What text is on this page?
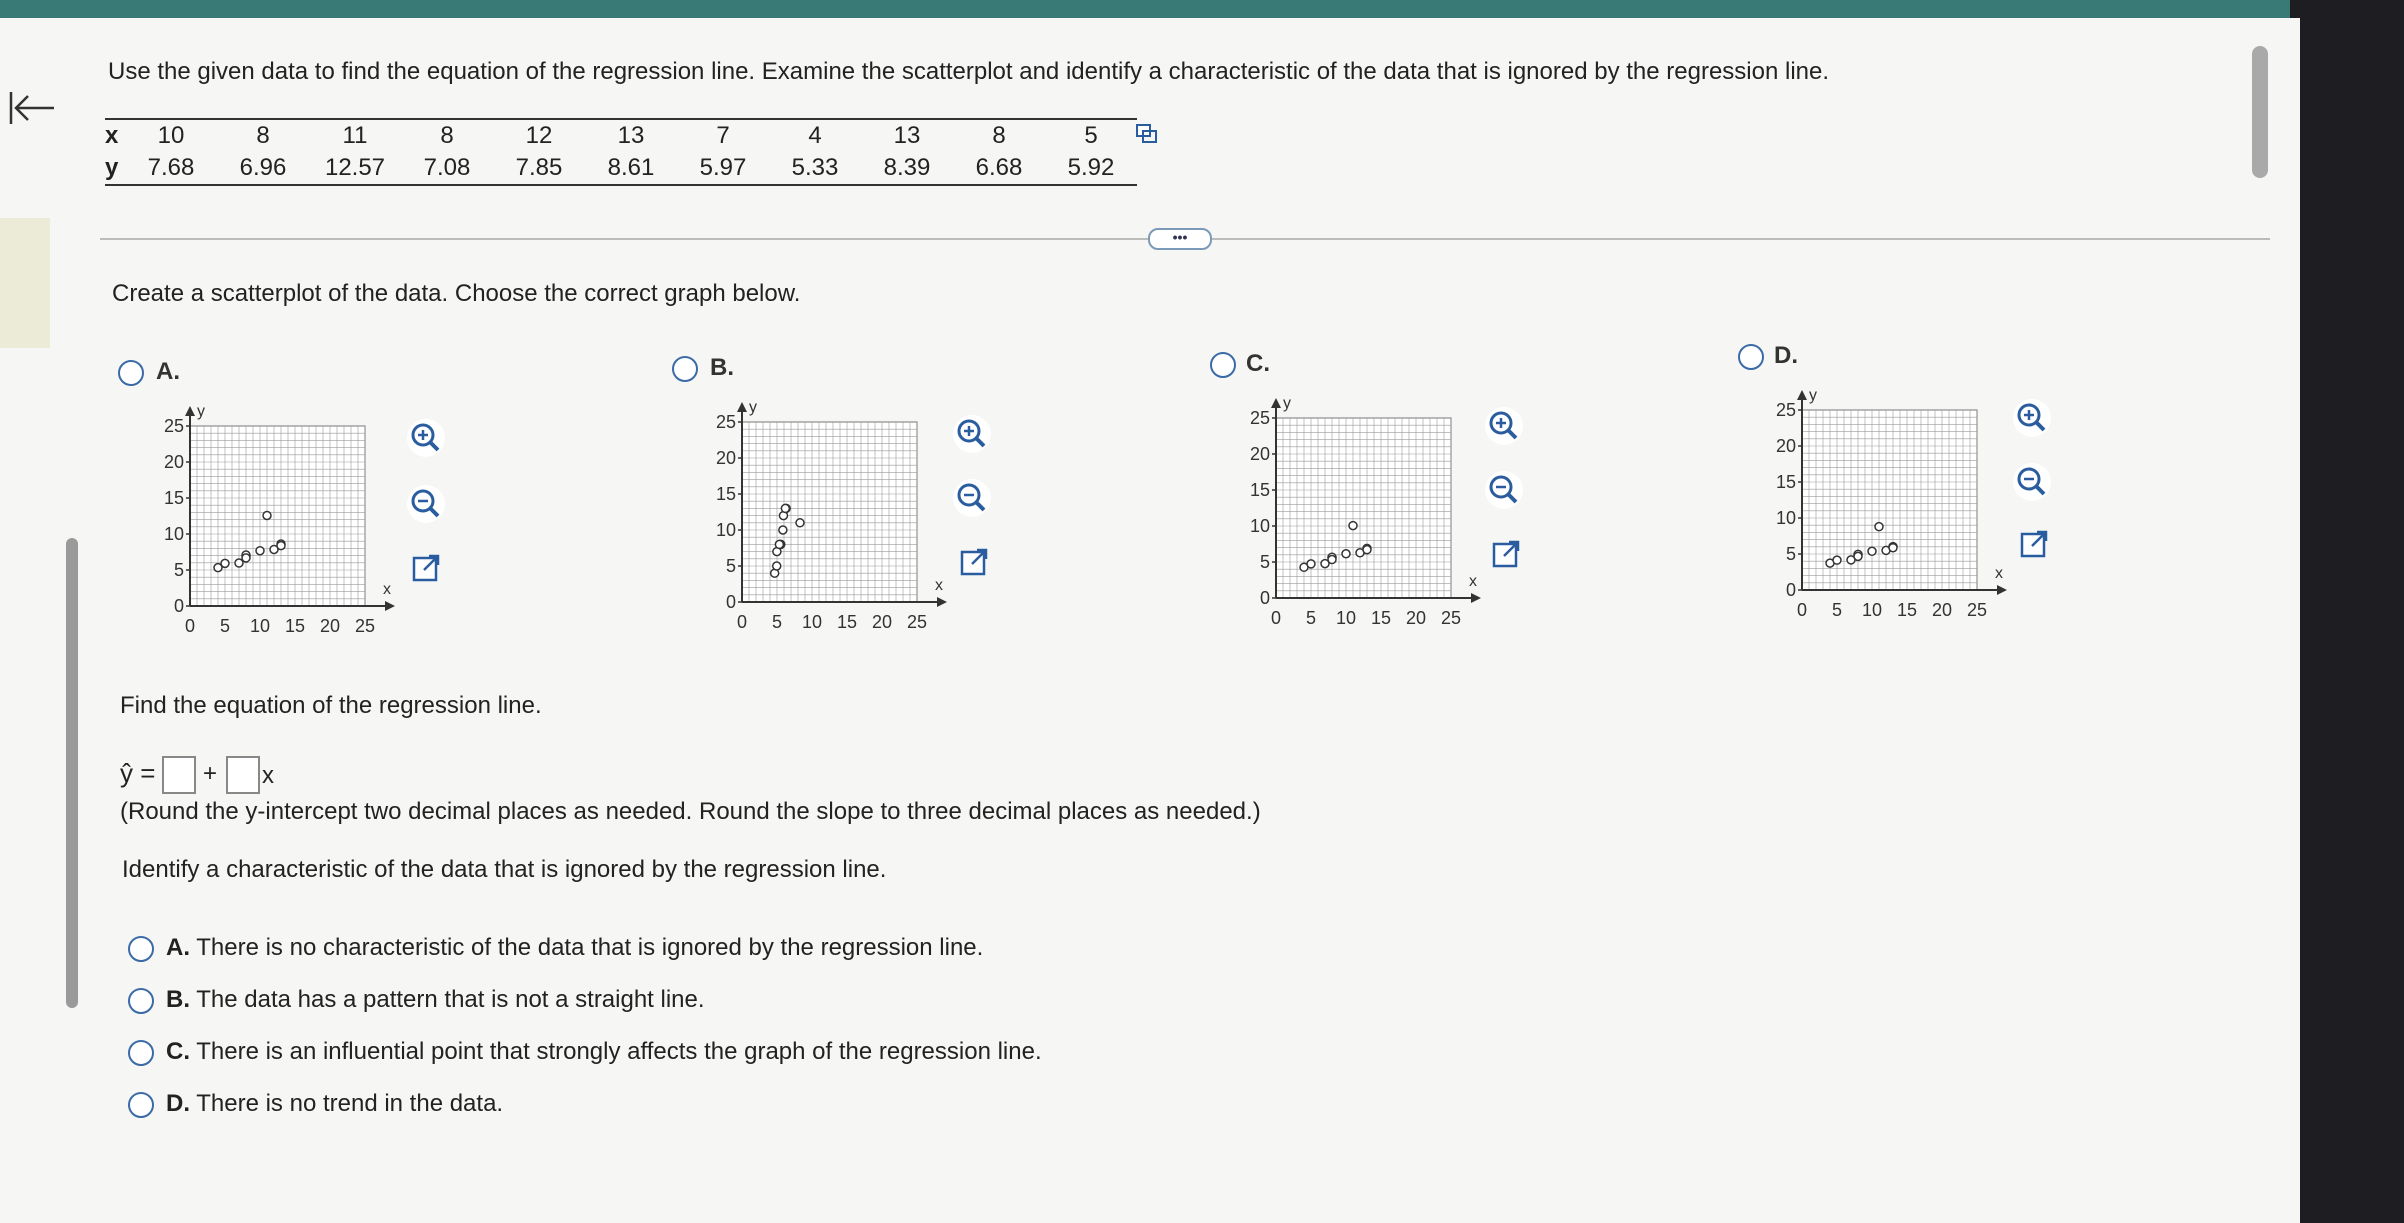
Use the given data to find the equation of the regression line. Examine the scatterplot and identify a characteristic of the data that is ignored by the regression line.
x	10	8	11	8	12	13	7	4	13	8	5
y	7.68	6.96	12.57	7.08	7.85	8.61	5.97	5.33	8.39	6.68	5.92
•••
Create a scatterplot of the data. Choose the correct graph below.
A.
y
x
25
20
15
10
5
0
0 5 10 15 20 25
B.
y
x
25
20
15
10
5
0
0 5 10 15 20 25
C.
y
x
25
20
15
10
5
0
0 5 10 15 20 25
D.
y
x
25
20
15
10
5
0
0 5 10 15 20 25
Find the equation of the regression line.
ŷ = + x
(Round the y-intercept two decimal places as needed. Round the slope to three decimal places as needed.)
Identify a characteristic of the data that is ignored by the regression line.
A. There is no characteristic of the data that is ignored by the regression line.
B. The data has a pattern that is not a straight line.
C. There is an influential point that strongly affects the graph of the regression line.
D. There is no trend in the data.
